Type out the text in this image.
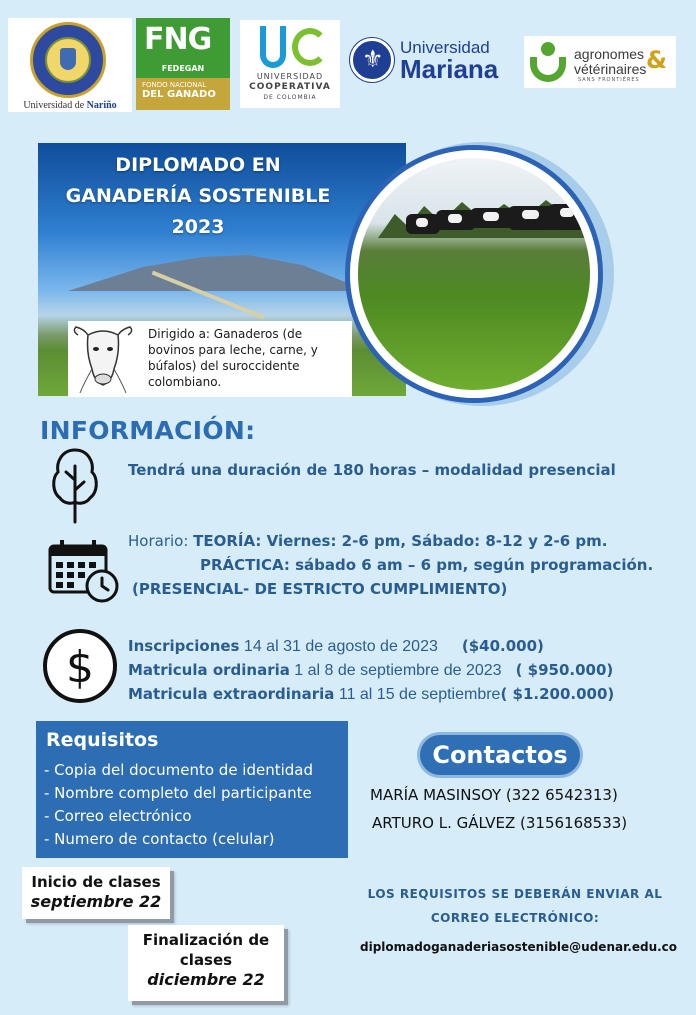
Universidad de Nariño
FNG
FEDEGAN
FONDO NACIONAL
DEL GANADO
UNIVERSIDAD
COOPERATIVA
DE COLOMBIA
⚜
Universidad
Mariana	agronomes
vétérinaires &
SANS FRONTIÈRES
DIPLOMADO EN
GANADERÍA SOSTENIBLE
2023
Dirigido a: Ganaderos (de
bovinos para leche, carne, y
búfalos) del suroccidente
colombiano.
INFORMACIÓN:
Tendrá una duración de 180 horas – modalidad presencial
Horario: TEORÍA: Viernes: 2-6 pm, Sábado: 8-12 y 2-6 pm.
PRÁCTICA: sábado 6 am – 6 pm, según programación.
(PRESENCIAL- DE ESTRICTO CUMPLIMIENTO)
$ Inscripciones 14 al 31 de agosto de 2023 ($40.000)
Matricula ordinaria 1 al 8 de septiembre de 2023 ( $950.000)
Matricula extraordinaria 11 al 15 de septiembre( $1.200.000)
Requisitos
- Copia del documento de identidad
- Nombre completo del participante
- Correo electrónico
- Numero de contacto (celular)
Contactos
MARÍA MASINSOY (322 6542313)
ARTURO L. GÁLVEZ (3156168533)
Inicio de clases
septiembre 22
Finalización de
clases
diciembre 22
LOS REQUISITOS SE DEBERÁN ENVIAR AL
CORREO ELECTRÓNICO:
diplomadoganaderiasostenible@udenar.edu.co
